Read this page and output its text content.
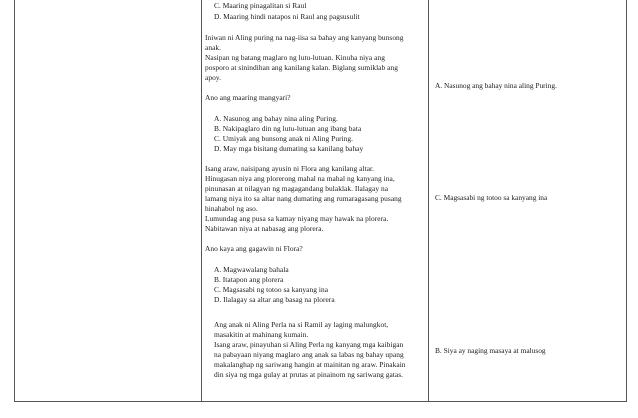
C. Maaring pinagalitan si Raul
D. Maaring hindi natapos ni Raul ang pagsusulit
Iniwan ni Aling puring na nag-iisa sa bahay ang kanyang bunsong
anak.
Nasipan ng batang maglaro ng lutu-lutuan. Kinuha niya ang
posporo at sinindihan ang kanilang kalan. Biglang sumiklab ang
apoy.
Ano ang maaring mangyari?
A. Nasunog ang bahay nina aling Puring.
B. Nakipaglaro din ng lutu-lutuan ang ibang bata
C. Umiyak ang bunsong anak ni Aling Puring.
D. May mga bisitang dumating sa kanilang bahay
Isang araw, naisipang ayusin ni Flora ang kanilang altar.
Hinugasan niya ang plorerong mahal na mahal ng kanyang ina,
pinunasan at nilagyan ng magagandang bulaklak. Ilalagay na
lamang niya ito sa altar nang dumating ang rumaragasang pusang
hinahabol ng aso.
Lumundag ang pusa sa kamay niyang may hawak na plorera.
Nabitawan niya at nabasag ang plorera.
Ano kaya ang gagawin ni Flora?
A. Magwawalang bahala
B. Itatapon ang plorera
C. Magsasabi ng totoo sa kanyang ina
D. Ilalagay sa altar ang basag na plorera
Ang anak ni Aling Perla na si Ramil ay laging malungkot,
masakitin at mahinang kumain.
Isang araw, pinayuhan si Aling Perla ng kanyang mga kaibigan
na pabayaan niyang maglaro ang anak sa labas ng bahay upang
makalanghap ng sariwang hangin at mainitan ng araw. Pinakain
din siya ng mga gulay at prutas at pinainom ng sariwang gatas.
A. Nasunog ang bahay nina aling Puring.
C. Magsasabi ng totoo sa kanyang ina
B. Siya ay naging masaya at malusog
